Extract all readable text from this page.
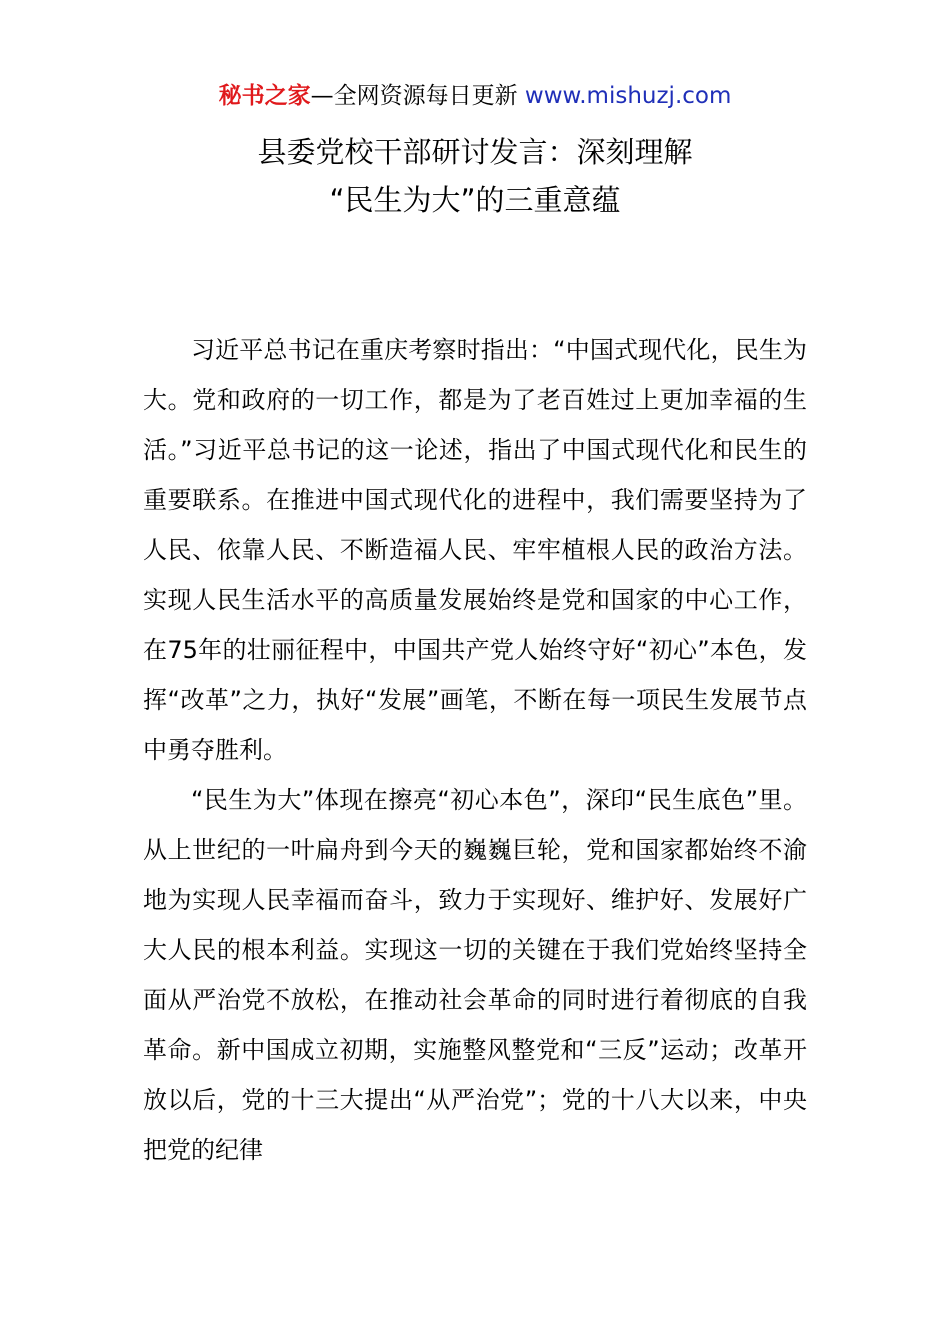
秘书之家—全网资源每日更新 www.mishuzj.com
县委党校干部研讨发言：深刻理解
“民生为大”的三重意蕴

习近平总书记在重庆考察时指出：“中国式现代化，民生为大。党和政府的一切工作，都是为了老百姓过上更加幸福的生活。”习近平总书记的这一论述，指出了中国式现代化和民生的重要联系。在推进中国式现代化的进程中，我们需要坚持为了人民、依靠人民、不断造福人民、牢牢植根人民的政治方法。实现人民生活水平的高质量发展始终是党和国家的中心工作，在75年的壮丽征程中，中国共产党人始终守好“初心”本色，发挥“改革”之力，执好“发展”画笔，不断在每一项民生发展节点中勇夺胜利。

“民生为大”体现在擦亮“初心本色”，深印“民生底色”里。从上世纪的一叶扁舟到今天的巍巍巨轮，党和国家都始终不渝地为实现人民幸福而奋斗，致力于实现好、维护好、发展好广大人民的根本利益。实现这一切的关键在于我们党始终坚持全面从严治党不放松，在推动社会革命的同时进行着彻底的自我革命。新中国成立初期，实施整风整党和“三反”运动；改革开放以后，党的十三大提出“从严治党”；党的十八大以来，中央把党的纪律
